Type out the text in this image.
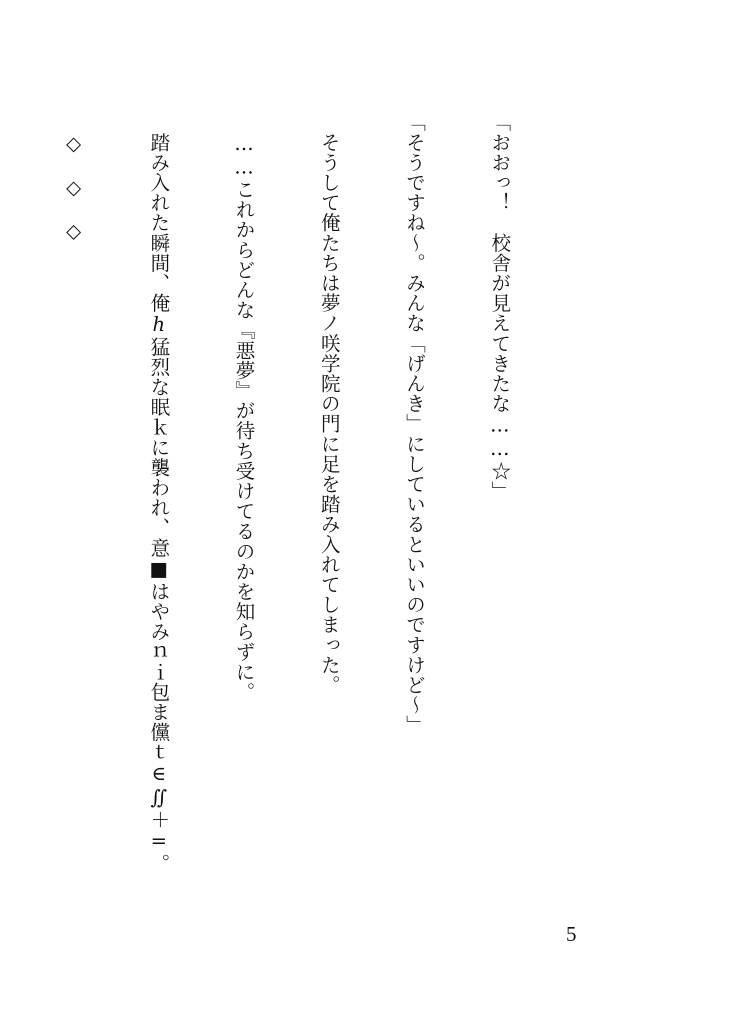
「おおっ！　校舎が見えてきたな……☆」

「そうですね～。みんな「げんき」にしているといいのですけど～」

　そうして俺たちは夢ノ咲学院の門に足を踏み入れてしまった。

　……これからどんな『悪夢』が待ち受けてるのかを知らずに。

　踏み入れた瞬間、俺ℎ猛烈な眠ｋに襲われ、意■はやみｎｉ包ま儻ｔ∈∬＋=。

　◇　◇　◇

5
